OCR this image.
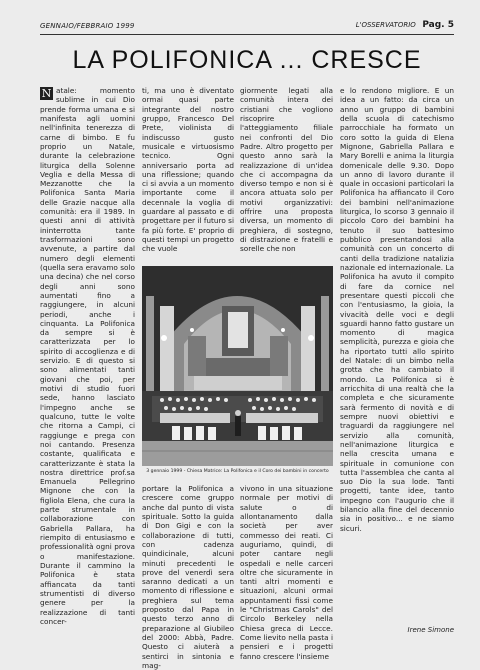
GENNAIO/FEBBRAIO 1999	L'OSSERVATORIO Pag. 5
LA POLIFONICA ... CRESCE

N atale: momento sublime in cui Dio prende forma umana e si manifesta agli uomini nell'infinita tenerezza di carne di bimbo. E fu proprio un Natale, durante la celebrazione liturgica della Solenne Veglia e della Messa di Mezzanotte che la Polifonica Santa Maria delle Grazie nacque alla comunità: era il 1989. In questi anni di attività ininterrotta tante trasformazioni sono avvenute, a partire dal numero degli elementi (quella sera eravamo solo una decina) che nel corso degli anni sono aumentati fino a raggiungere, in alcuni periodi, anche i cinquanta. La Polifonica da sempre si è caratterizzata per lo spirito di accoglienza e di servizio. E di questo si sono alimentati tanti giovani che poi, per motivi di studio fuori sede, hanno lasciato l'impegno anche se qualcuno, tutte le volte che ritorna a Campi, ci raggiunge e prega con noi cantando. Presenza costante, qualificata e caratterizzante è stata la nostra direttrice prof.sa Emanuela Pellegrino Mignone che con la figliola Elena, che cura la parte strumentale in collaborazione con Gabriella Pallara, ha riempito di entusiasmo e professionalità ogni prova o manifestazione. Durante il cammino la Polifonica è stata affiancata da tanti strumentisti di diverso genere per la realizzazione di tanti concer-

ti, ma uno è diventato ormai quasi parte integrante del nostro gruppo, Francesco Del Prete, violinista di indiscusso gusto musicale e virtuosismo tecnico. Ogni anniversario porta ad una riflessione; quando ci si avvia a un momento importante come il decennale la voglia di guardare al passato e di progettare per il futuro si fa più forte. E' proprio di questi tempi un progetto che vuole

giormente legati alla comunità intera dei cristiani che vogliono riscoprire l'atteggiamento filiale nei confronti del Dio Padre. Altro progetto per questo anno sarà la realizzazione di un'idea che ci accompagna da diverso tempo e non si è ancora attuata solo per motivi organizzativi: offrire una proposta diversa, un momento di preghiera, di sostegno, di distrazione e fratelli e sorelle che non

3 gennaio 1999 - Chiesa Matrice: La Polifonica e il Coro dei bambini in concerto

portare la Polifonica a crescere come gruppo anche dal punto di vista spirituale. Sotto la guida di Don Gigi e con la collaborazione di tutti, con cadenza quindicinale, alcuni minuti precedenti le prove del venerdì sera saranno dedicati a un momento di riflessione e preghiera sul tema proposto dal Papa in questo terzo anno di preparazione al Giubileo del 2000: Abbà, Padre. Questo ci aiuterà a sentirci in sintonia e mag-

vivono in una situazione normale per motivi di salute o di allontanamento dalla società per aver commesso dei reati. Ci auguriamo, quindi, di poter cantare negli ospedali e nelle carceri oltre che sicuramente in tanti altri momenti e situazioni, alcuni ormai appuntamenti fissi come le "Christmas Carols" del Circolo Berkeley nella Chiesa greca di Lecce. Come lievito nella pasta i pensieri e i progetti fanno crescere l'insieme

e lo rendono migliore. E un idea a un fatto: da circa un anno un gruppo di bambini della scuola di catechismo parrocchiale ha formato un coro sotto la guida di Elena Mignone, Gabriella Pallara e Mary Borelli e anima la liturgia domenicale delle 9.30. Dopo un anno di lavoro durante il quale in occasioni particolari la Polifonica ha affiancato il Coro dei bambini nell'animazione liturgica, lo scorso 3 gennaio il piccolo Coro dei bambini ha tenuto il suo battesimo pubblico presentandosi alla comunità con un concerto di canti della tradizione natalizia nazionale ed internazionale. La Polifonica ha avuto il compito di fare da cornice nel presentare questi piccoli che con l'entusiasmo, la gioia, la vivacità delle voci e degli sguardi hanno fatto gustare un momento di magica semplicità, purezza e gioia che ha riportato tutti allo spirito del Natale: di un bimbo nella grotta che ha cambiato il mondo. La Polifonica si è arricchita di una realtà che la completa e che sicuramente sarà fermento di novità e di sempre nuovi obiettivi e traguardi da raggiungere nel servizio alla comunità, nell'animazione liturgica e nella crescita umana e spirituale in comunione con tutta l'assemblea che canta al suo Dio la sua lode. Tanti progetti, tante idee, tanto impegno con l'augurio che il bilancio alla fine del decennio sia in positivo... e ne siamo sicuri.

Irene Simone
